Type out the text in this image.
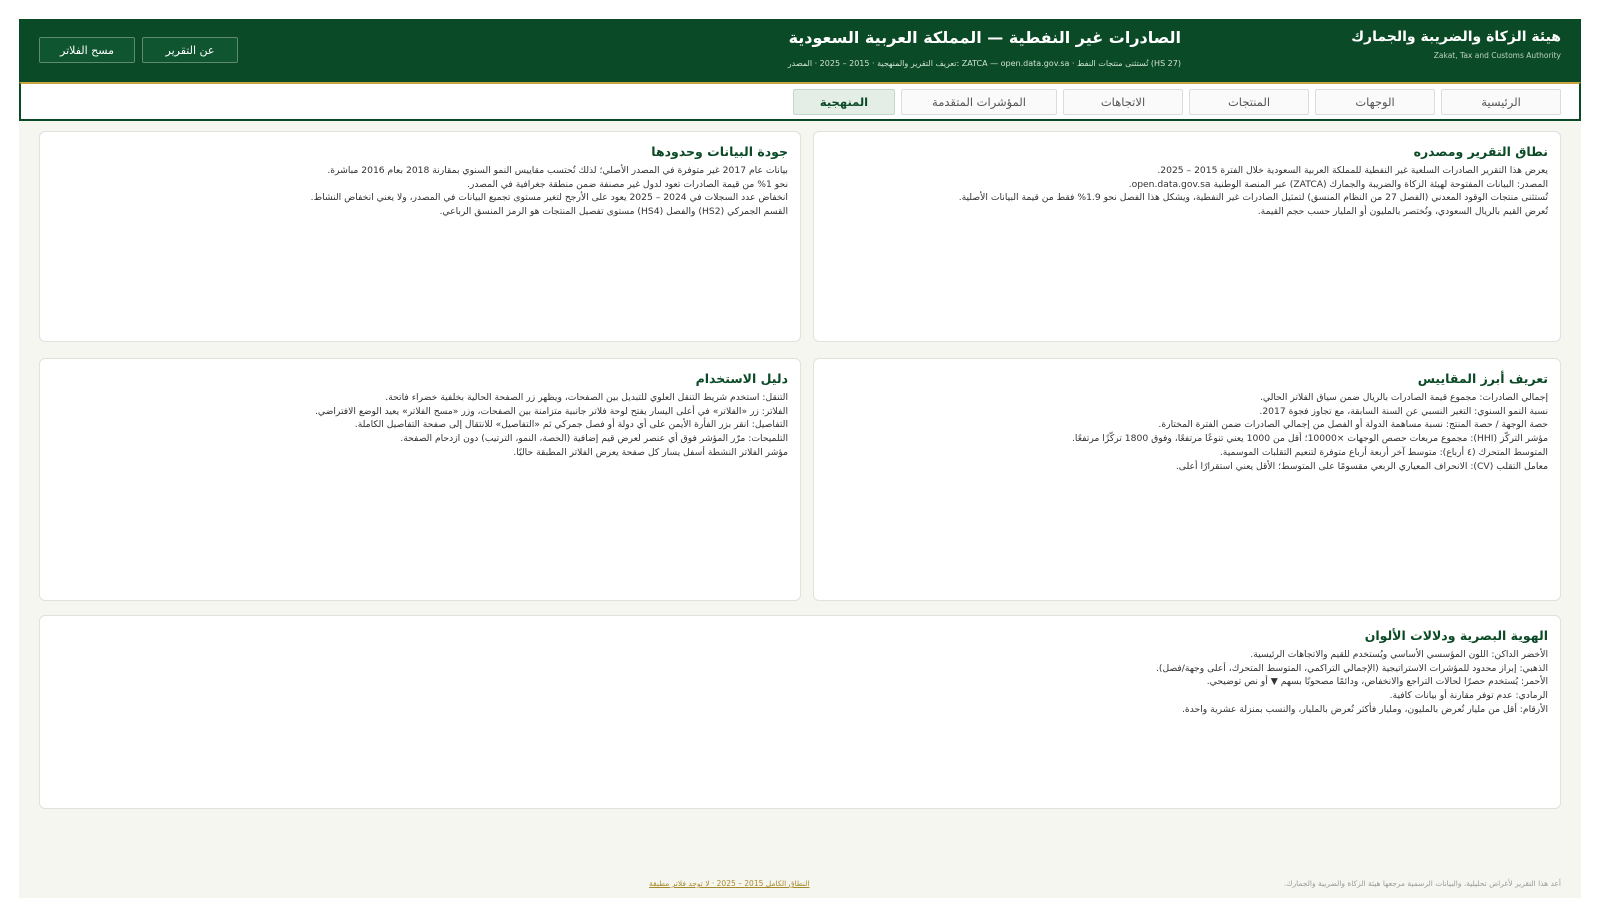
هيئة الزكاة والضريبة والجمارك
Zakat, Tax and Customs Authority
الصادرات غير النفطية — المملكة العربية السعودية
(HS 27) تُستثنى منتجات النفط · ZATCA — open.data.gov.sa :تعريف التقرير والمنهجية · 2015 – 2025 · المصدر
مسح الفلاتر	عن التقرير
الرئيسية
الوجهات
المنتجات
الاتجاهات
المؤشرات المتقدمة
المنهجية
نطاق التقرير ومصدره
يعرض هذا التقرير الصادرات السلعية غير النفطية للمملكة العربية السعودية خلال الفترة 2015 – 2025.
المصدر: البيانات المفتوحة لهيئة الزكاة والضريبة والجمارك (ZATCA) عبر المنصة الوطنية open.data.gov.sa.
تُستثنى منتجات الوقود المعدني (الفصل 27 من النظام المنسق) لتمثيل الصادرات غير النفطية، ويشكل هذا الفصل نحو 1.9% فقط من قيمة البيانات الأصلية.
تُعرض القيم بالريال السعودي، وتُختصر بالمليون أو المليار حسب حجم القيمة.
جودة البيانات وحدودها
بيانات عام 2017 غير متوفرة في المصدر الأصلي؛ لذلك تُحتسب مقاييس النمو السنوي بمقارنة 2018 بعام 2016 مباشرة.
نحو 1% من قيمة الصادرات تعود لدول غير مصنفة ضمن منطقة جغرافية في المصدر.
انخفاض عدد السجلات في 2024 – 2025 يعود على الأرجح لتغير مستوى تجميع البيانات في المصدر، ولا يعني انخفاض النشاط.
القسم الجمركي (HS2) والفصل (HS4) مستوى تفصيل المنتجات هو الرمز المنسق الرباعي.
تعريف أبرز المقاييس
إجمالي الصادرات: مجموع قيمة الصادرات بالريال ضمن سياق الفلاتر الحالي.
نسبة النمو السنوي: التغير النسبي عن السنة السابقة، مع تجاوز فجوة 2017.
حصة الوجهة / حصة المنتج: نسبة مساهمة الدولة أو الفصل من إجمالي الصادرات ضمن الفترة المختارة.
مؤشر التركّز (HHI): مجموع مربعات حصص الوجهات ×10000؛ أقل من 1000 يعني تنوعًا مرتفعًا، وفوق 1800 تركّزًا مرتفعًا.
المتوسط المتحرك (٤ أرباع): متوسط آخر أربعة أرباع متوفرة لتنعيم التقلبات الموسمية.
معامل التقلب (CV): الانحراف المعياري الربعي مقسومًا على المتوسط؛ الأقل يعني استقرارًا أعلى.
دليل الاستخدام
التنقل: استخدم شريط التنقل العلوي للتبديل بين الصفحات، ويظهر زر الصفحة الحالية بخلفية خضراء فاتحة.
الفلاتر: زر «الفلاتر» في أعلى اليسار يفتح لوحة فلاتر جانبية متزامنة بين الصفحات، وزر «مسح الفلاتر» يعيد الوضع الافتراضي.
التفاصيل: انقر بزر الفأرة الأيمن على أي دولة أو فصل جمركي ثم «التفاصيل» للانتقال إلى صفحة التفاصيل الكاملة.
التلميحات: مرّر المؤشر فوق أي عنصر لعرض قيم إضافية (الحصة، النمو، الترتيب) دون ازدحام الصفحة.
مؤشر الفلاتر النشطة أسفل يسار كل صفحة يعرض الفلاتر المطبقة حاليًا.
الهوية البصرية ودلالات الألوان
الأخضر الداكن: اللون المؤسسي الأساسي ويُستخدم للقيم والاتجاهات الرئيسية.
الذهبي: إبراز محدود للمؤشرات الاستراتيجية (الإجمالي التراكمي، المتوسط المتحرك، أعلى وجهة/فصل).
الأحمر: يُستخدم حصرًا لحالات التراجع والانخفاض، ودائمًا مصحوبًا بسهم ▼ أو نص توضيحي.
الرمادي: عدم توفر مقارنة أو بيانات كافية.
الأرقام: أقل من مليار تُعرض بالمليون، ومليار فأكثر تُعرض بالمليار، والنسب بمنزلة عشرية واحدة.
أعد هذا التقرير لأغراض تحليلية، والبيانات الرسمية مرجعها هيئة الزكاة والضريبة والجمارك.
النطاق الكامل 2015 – 2025 · لا توجد فلاتر مطبقة
